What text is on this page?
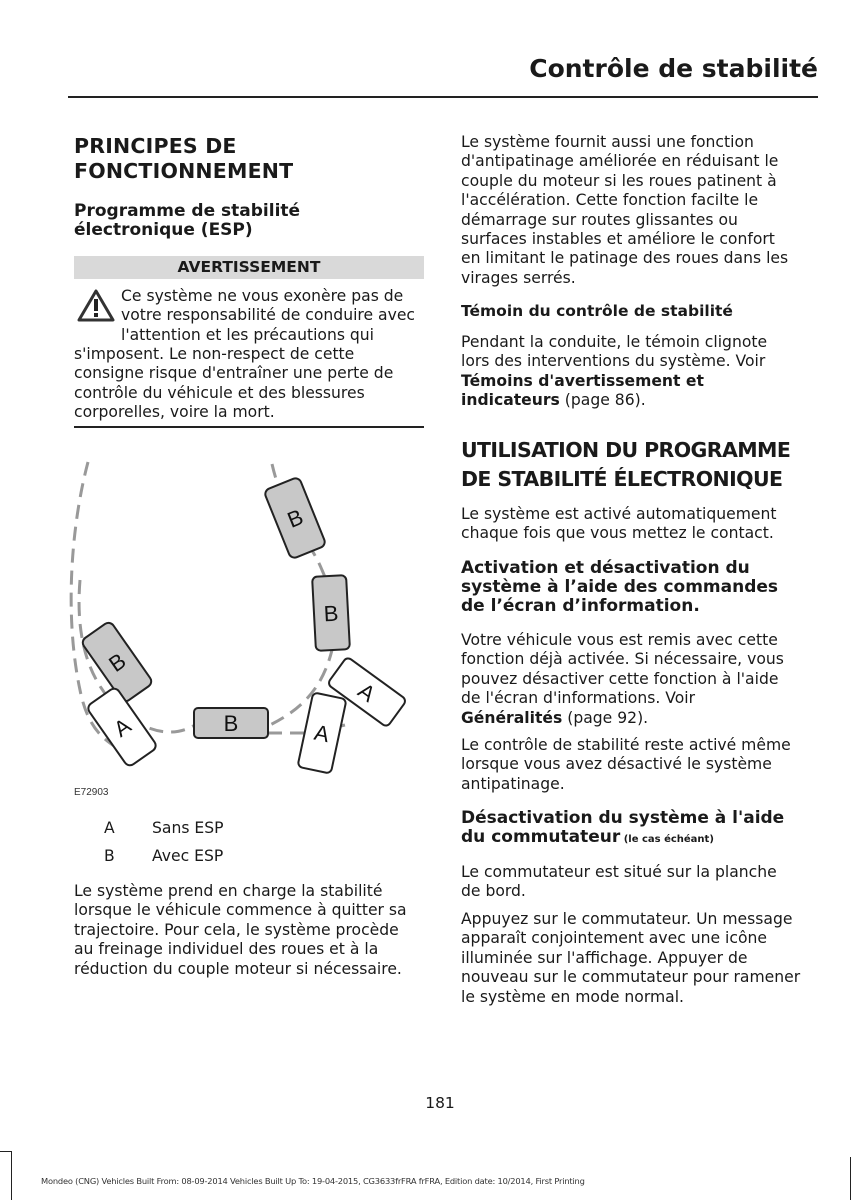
Contrôle de stabilité
PRINCIPES DE
FONCTIONNEMENT
Programme de stabilité
électronique (ESP)
AVERTISSEMENT
Ce système ne vous exonère pas de
votre responsabilité de conduire avec
l'attention et les précautions qui
s'imposent. Le non-respect de cette
consigne risque d'entraîner une perte de
contrôle du véhicule et des blessures
corporelles, voire la mort.
B
B
B
A	B	A
A
E72903
A Sans ESP
B Avec ESP
Le système prend en charge la stabilité
lorsque le véhicule commence à quitter sa
trajectoire. Pour cela, le système procède
au freinage individuel des roues et à la
réduction du couple moteur si nécessaire.
Le système fournit aussi une fonction
d'antipatinage améliorée en réduisant le
couple du moteur si les roues patinent à
l'accélération. Cette fonction facilte le
démarrage sur routes glissantes ou
surfaces instables et améliore le confort
en limitant le patinage des roues dans les
virages serrés.
Témoin du contrôle de stabilité
Pendant la conduite, le témoin clignote
lors des interventions du système. Voir
Témoins d'avertissement et
indicateurs (page 86).
UTILISATION DU PROGRAMME
DE STABILITÉ ÉLECTRONIQUE
Le système est activé automatiquement
chaque fois que vous mettez le contact.
Activation et désactivation du
système à l’aide des commandes
de l’écran d’information.
Votre véhicule vous est remis avec cette
fonction déjà activée. Si nécessaire, vous
pouvez désactiver cette fonction à l'aide
de l'écran d'informations. Voir
Généralités (page 92).
Le contrôle de stabilité reste activé même
lorsque vous avez désactivé le système
antipatinage.
Désactivation du système à l'aide
du commutateur (le cas échéant)
Le commutateur est situé sur la planche
de bord.
Appuyez sur le commutateur. Un message
apparaît conjointement avec une icône
illuminée sur l'affichage. Appuyer de
nouveau sur le commutateur pour ramener
le système en mode normal.
181
Mondeo (CNG) Vehicles Built From: 08-09-2014 Vehicles Built Up To: 19-04-2015, CG3633frFRA frFRA, Edition date: 10/2014, First Printing
